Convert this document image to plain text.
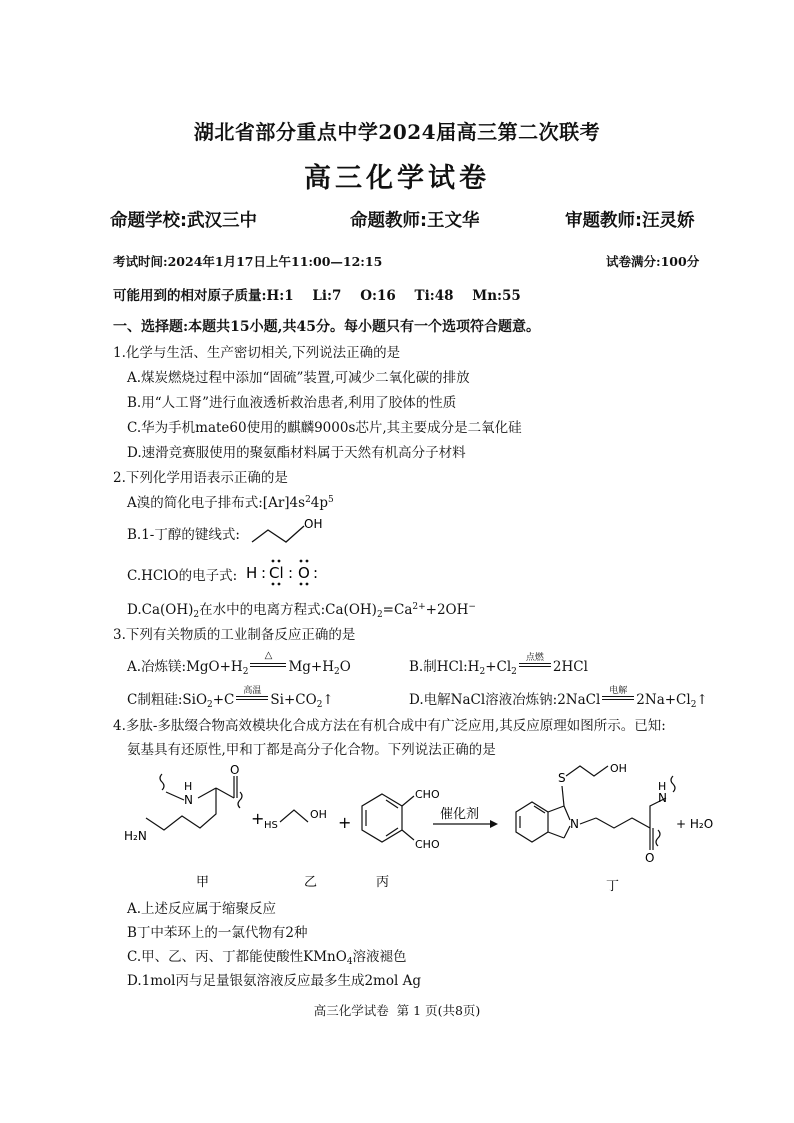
湖北省部分重点中学2024届高三第二次联考
高三化学试卷
命题学校:武汉三中	命题教师:王文华	审题教师:汪灵娇
考试时间:2024年1月17日上午11:00—12:15	试卷满分:100分
可能用到的相对原子质量:H:1    Li:7    O:16    Ti:48    Mn:55
一、选择题:本题共15小题,共45分。每小题只有一个选项符合题意。
1.化学与生活、生产密切相关,下列说法正确的是
A.煤炭燃烧过程中添加“固硫”装置,可减少二氧化碳的排放
B.用“人工肾”进行血液透析救治患者,利用了胶体的性质
C.华为手机mate60使用的麒麟9000s芯片,其主要成分是二氧化硅
D.速滑竞赛服使用的聚氨酯材料属于天然有机高分子材料
2.下列化学用语表示正确的是
A溴的简化电子排布式$:[Ar]4s^24p^5$
B.1-丁醇的键线式:
OH
C.HClO的电子式: H : Cl : O :
$D.Ca(OH)_2$在水中的电离方程式$:Ca(OH)_2=Ca^{2+}+2OH^-$
3.下列有关物质的工业制备反应正确的是
A.冶炼镁$:MgO+H_2$
△
$Mg+H_2O$	B.制$HCl:H_2+Cl_2$
点燃
2HCl
C制粗硅:SiO$_2$+C
高温
$Si+CO_2↑$	D.电解NaCl溶液冶炼钠:2NaCl
电解
$2Na+Cl_2↑$
4.多肽-多肽缀合物高效模块化合成方法在有机合成中有广泛应用,其反应原理如图所示。已知:
氨基具有还原性,甲和丁都是高分子化合物。下列说法正确的是
N
H
O
H₂N
+ HS
OH +
CHO
CHO
催化剂
S
OH
N
N
H
O
+ H₂O
甲	乙	丙	丁
A.上述反应属于缩聚反应
B丁中苯环上的一氯代物有2种
C.甲、乙、丙、丁都能使酸性KMnO$_4$溶液褪色
D.1mol丙与足量银氨溶液反应最多生成2mol Ag
高三化学试卷  第 1 页(共8页)
